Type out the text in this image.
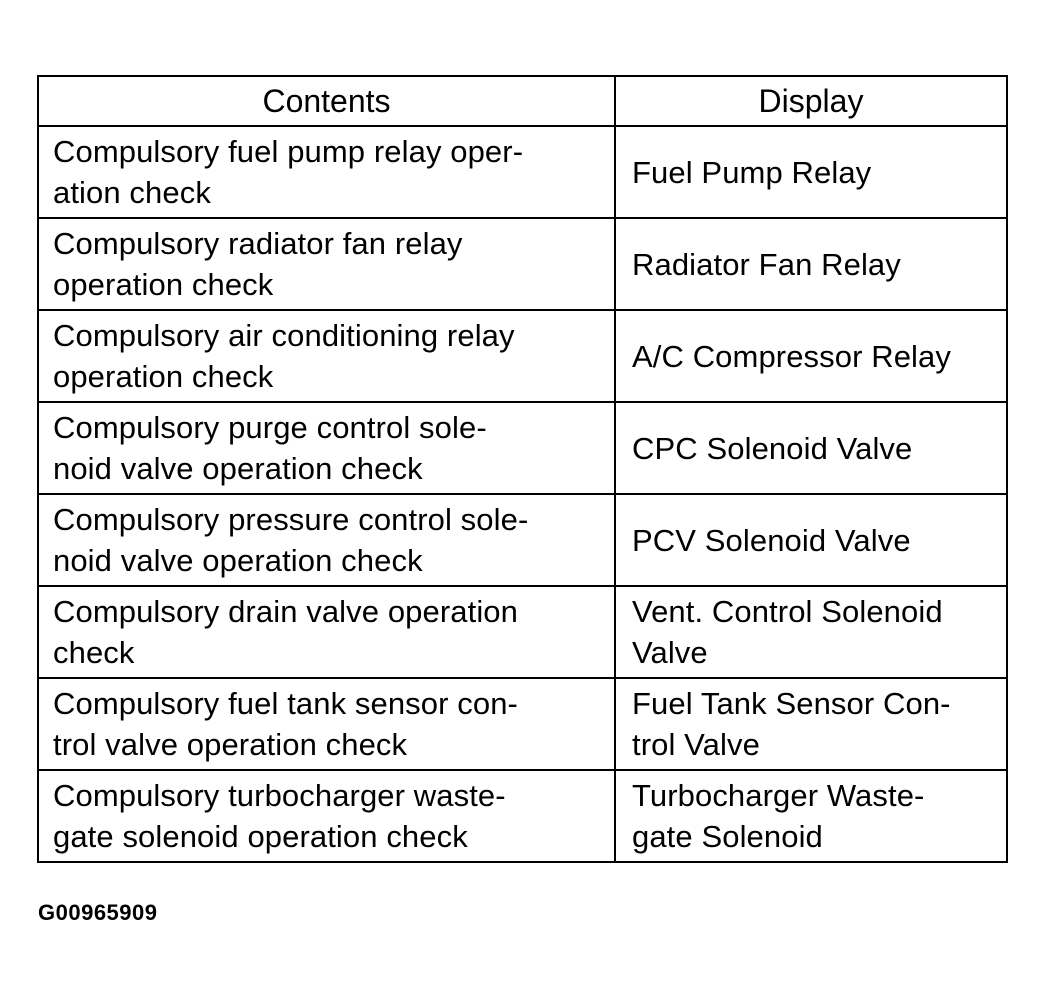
Contents	Display
Compulsory fuel pump relay oper-
ation check	Fuel Pump Relay
Compulsory radiator fan relay
operation check	Radiator Fan Relay
Compulsory air conditioning relay
operation check	A/C Compressor Relay
Compulsory purge control sole-
noid valve operation check	CPC Solenoid Valve
Compulsory pressure control sole-
noid valve operation check	PCV Solenoid Valve
Compulsory drain valve operation
check	Vent. Control Solenoid
Valve
Compulsory fuel tank sensor con-
trol valve operation check	Fuel Tank Sensor Con-
trol Valve
Compulsory turbocharger waste-
gate solenoid operation check	Turbocharger Waste-
gate Solenoid
G00965909
